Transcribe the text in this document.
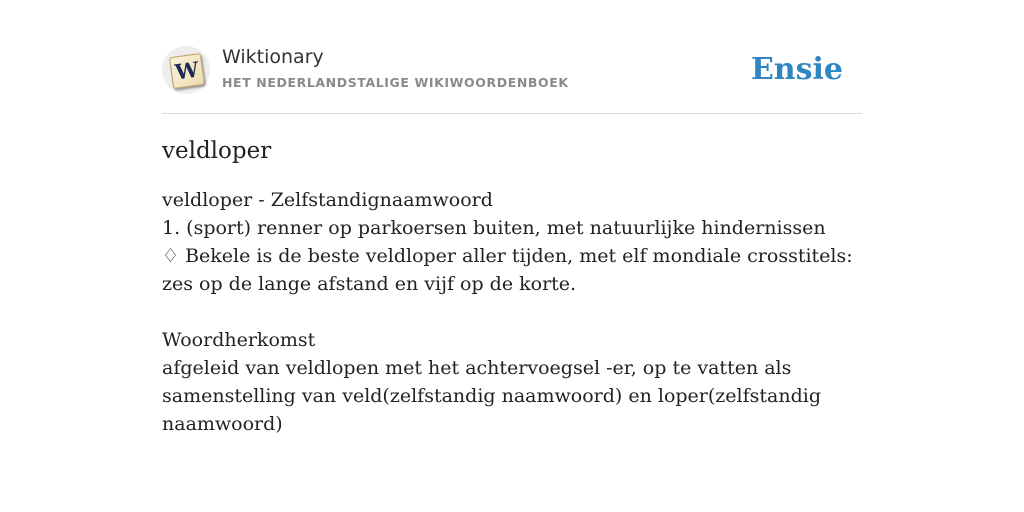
W Wiktionary
HET NEDERLANDSTALIGE WIKIWOORDENBOEK	Ensie
veldloper

veldloper - Zelfstandignaamwoord

1. (sport) renner op parkoersen buiten, met natuurlijke hindernissen

♢ Bekele is de beste veldloper aller tijden, met elf mondiale crosstitels: zes op de lange afstand en vijf op de korte.

Woordherkomst

afgeleid van veldlopen met het achtervoegsel -er, op te vatten als samenstelling van veld(zelfstandig naamwoord) en loper(zelfstandig naamwoord)
